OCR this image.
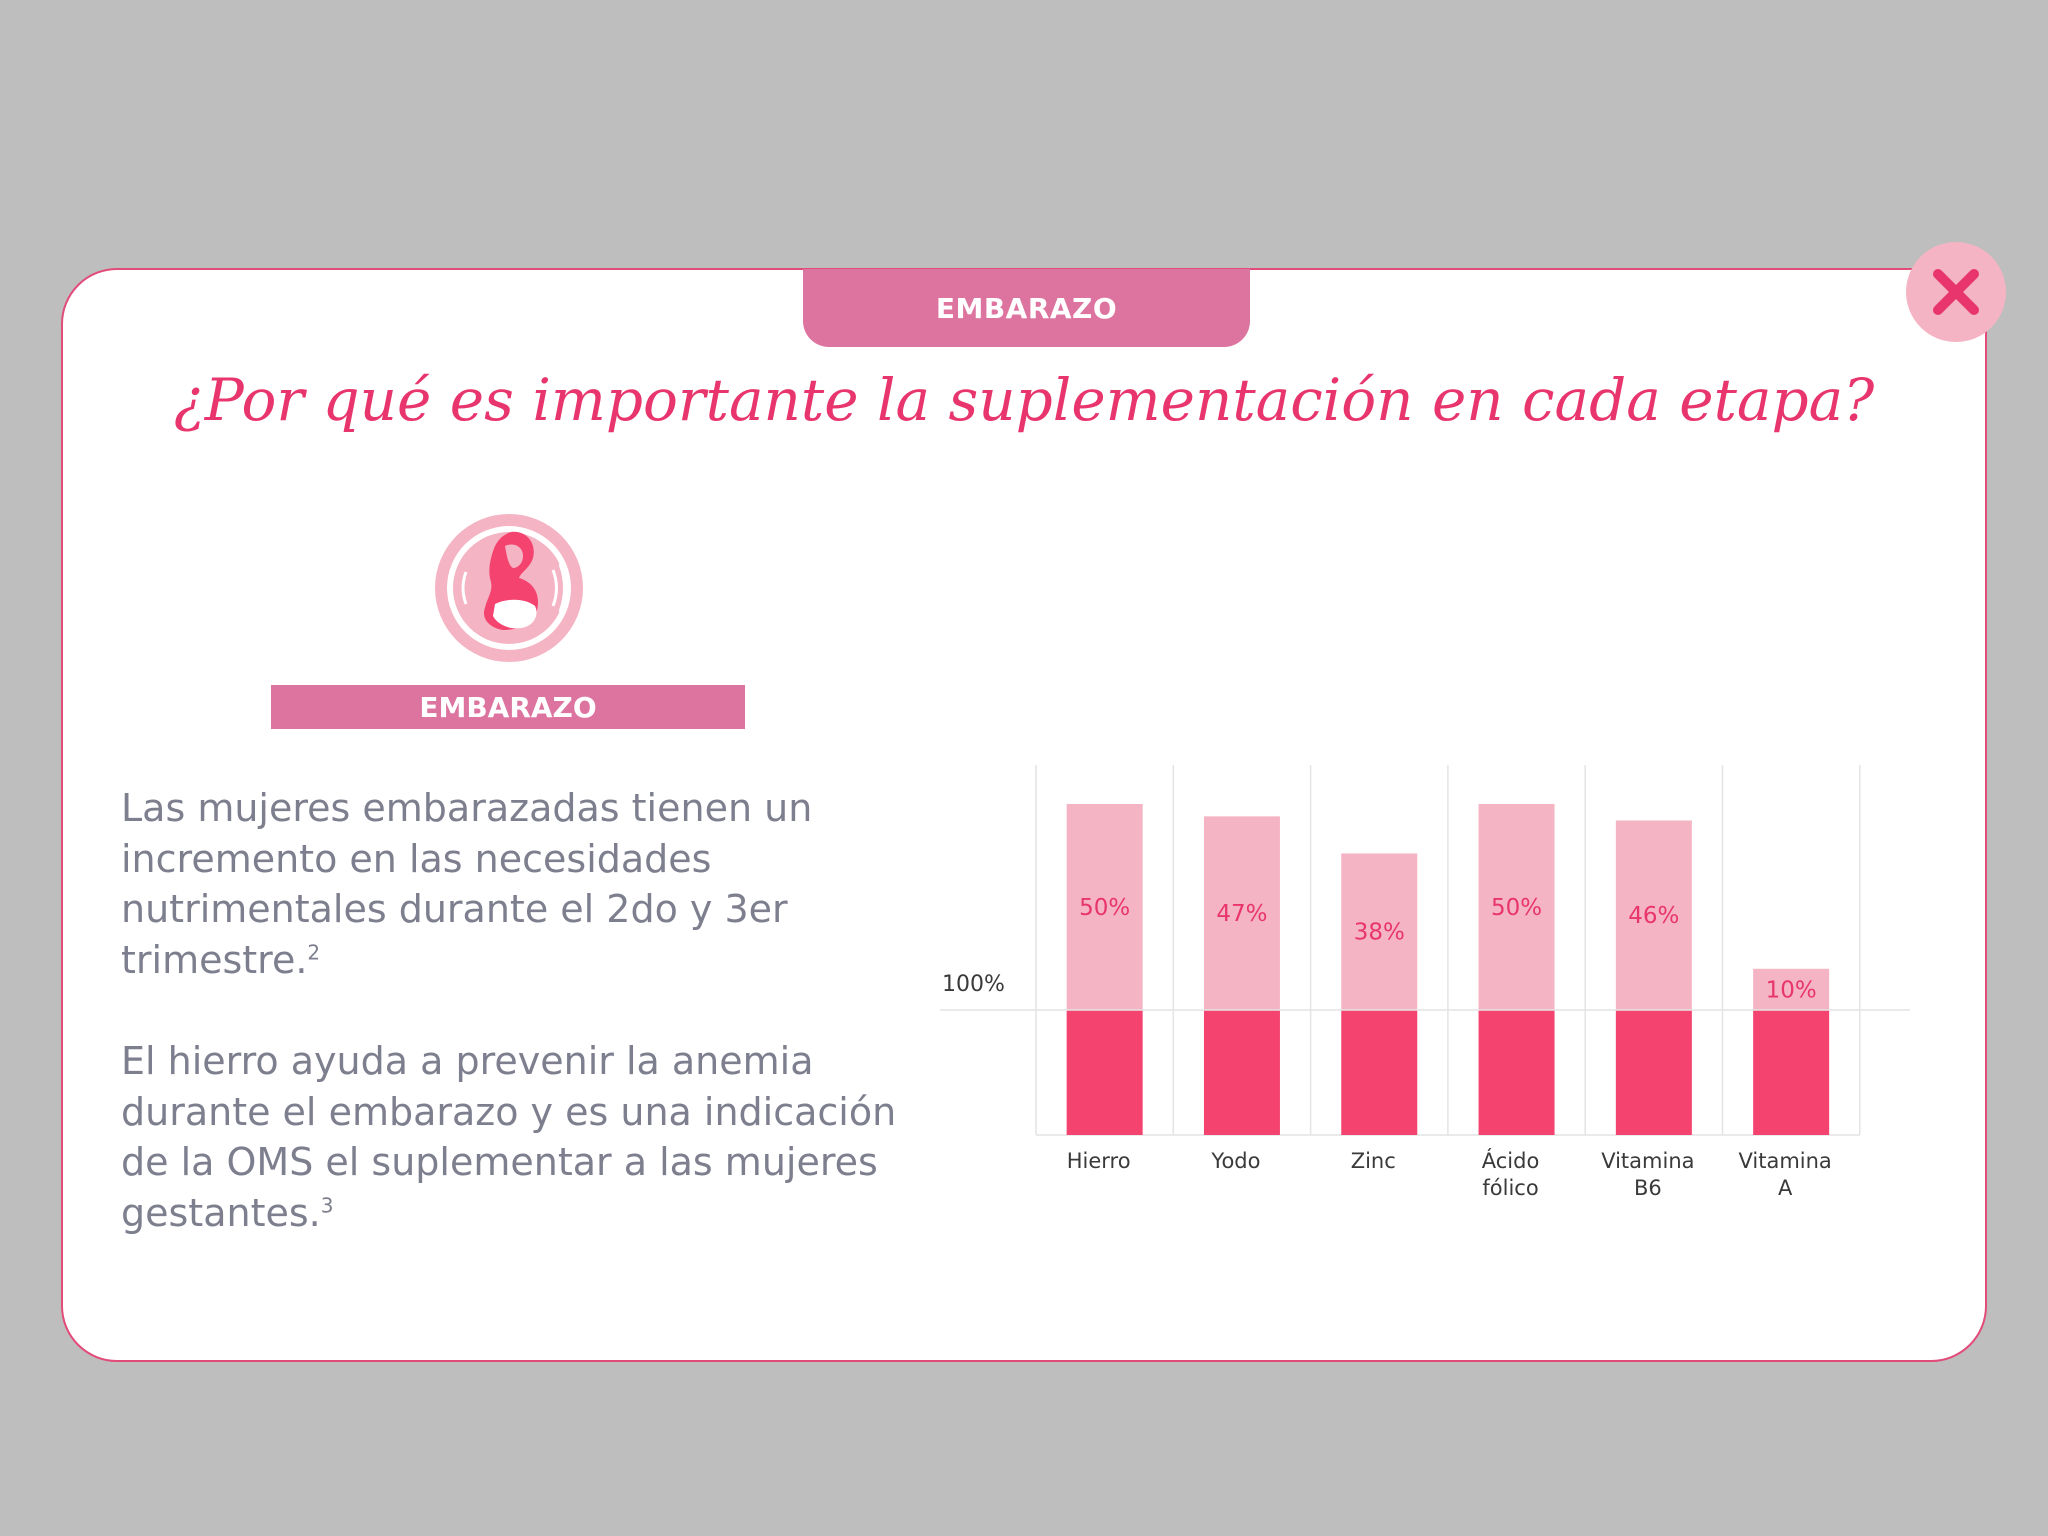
EMBARAZO
¿Por qué es importante la suplementación en cada etapa?
EMBARAZO

Las mujeres embarazadas tienen un incremento en las necesidades nutrimentales durante el 2do y 3er trimestre.$^2$

El hierro ayuda a prevenir la anemia durante el embarazo y es una indicación de la OMS el suplementar a las mujeres gestantes.$^3$

50%
Hierro
47%
Yodo
38%
Zinc
50%
Ácido
fólico
46%
Vitamina
B6
10%
Vitamina
A
100%
